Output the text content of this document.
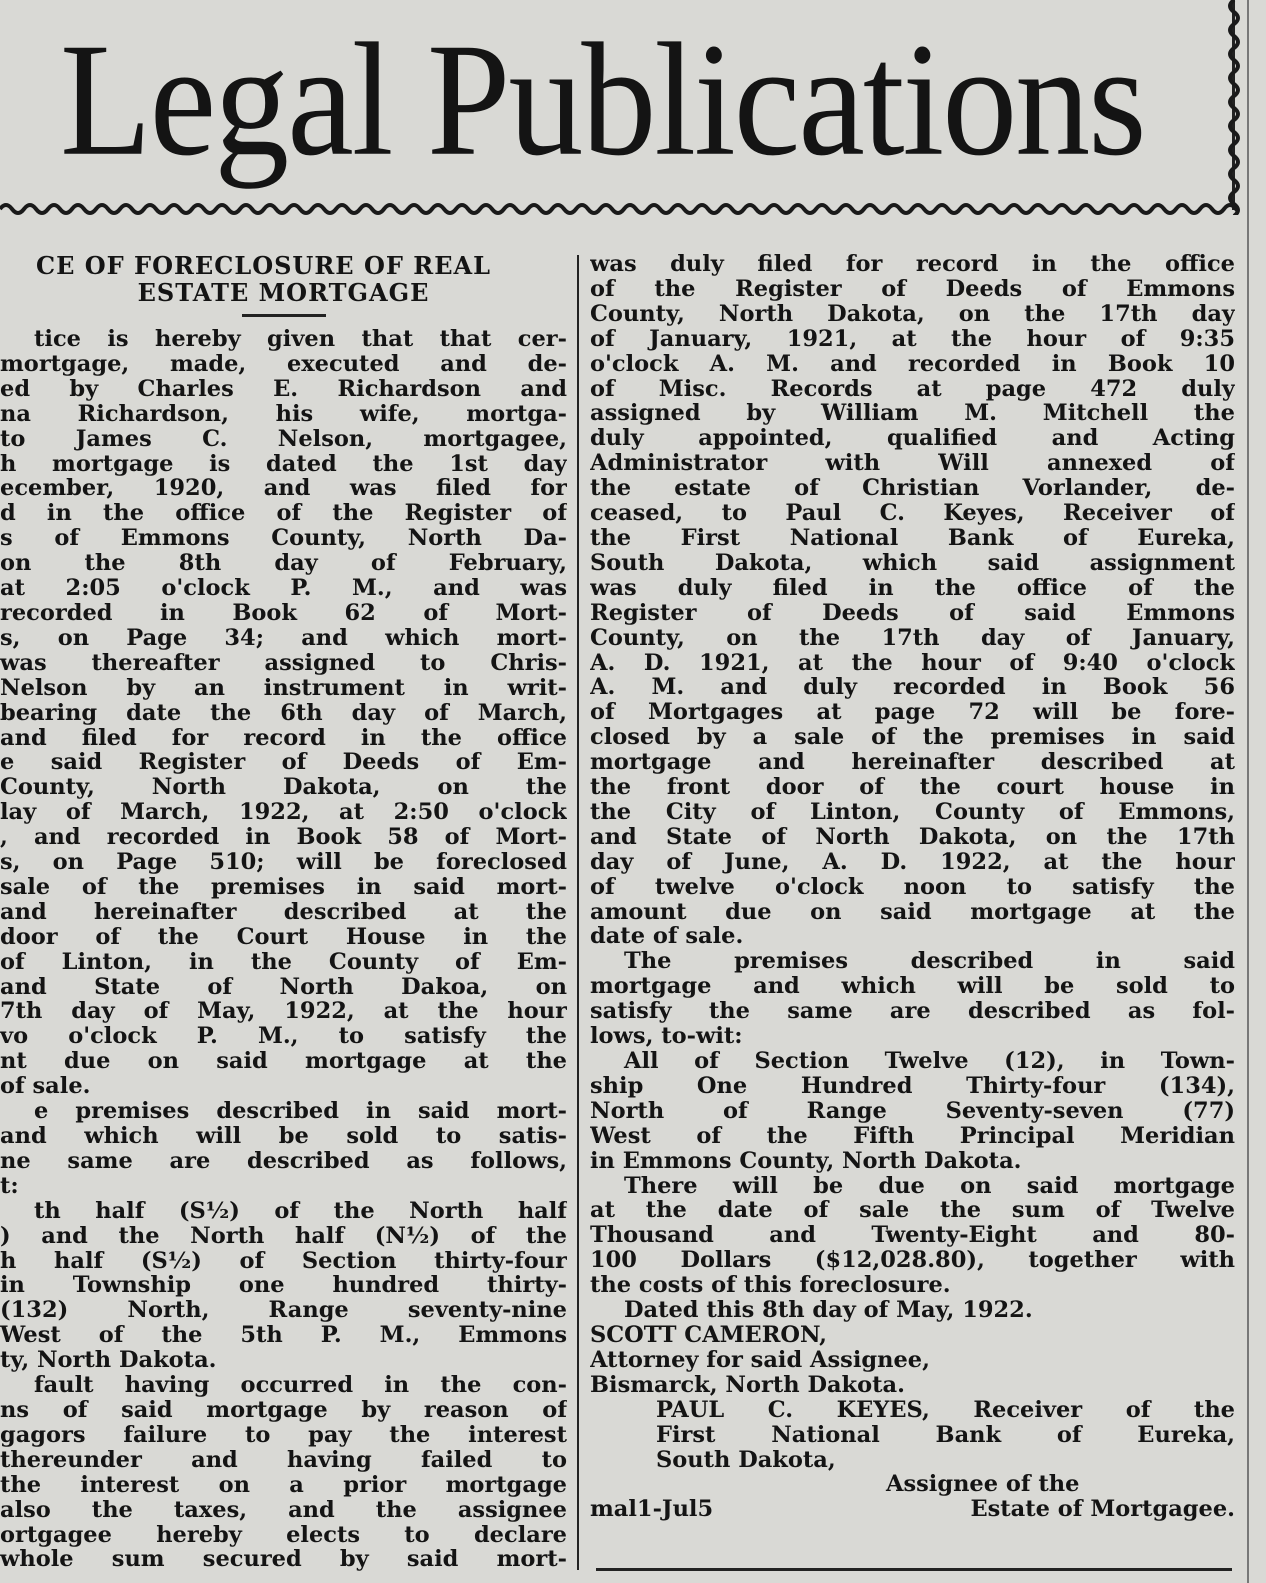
Legal Publications
CE OF FORECLOSURE OF REAL
ESTATE MORTGAGE
tice is hereby given that that cer-
mortgage, made, executed and de-
ed by Charles E. Richardson and
na Richardson, his wife, mortga-
to James C. Nelson, mortgagee,
h mortgage is dated the 1st day
ecember, 1920, and was filed for
d in the office of the Register of
s of Emmons County, North Da-
on the 8th day of February,
at 2:05 o'clock P. M., and was
recorded in Book 62 of Mort-
s, on Page 34; and which mort-
was thereafter assigned to Chris-
Nelson by an instrument in writ-
bearing date the 6th day of March,
and filed for record in the office
e said Register of Deeds of Em-
County, North Dakota, on the
lay of March, 1922, at 2:50 o'clock
, and recorded in Book 58 of Mort-
s, on Page 510; will be foreclosed
sale of the premises in said mort-
and hereinafter described at the
door of the Court House in the
of Linton, in the County of Em-
and State of North Dakoa, on
7th day of May, 1922, at the hour
vo o'clock P. M., to satisfy the
nt due on said mortgage at the
of sale.
e premises described in said mort-
and which will be sold to satis-
ne same are described as follows,
t:
th half (S½) of the North half
) and the North half (N½) of the
h half (S½) of Section thirty-four
in Township one hundred thirty-
(132) North, Range seventy-nine
West of the 5th P. M., Emmons
ty, North Dakota.
fault having occurred in the con-
ns of said mortgage by reason of
gagors failure to pay the interest
thereunder and having failed to
the interest on a prior mortgage
also the taxes, and the assignee
ortgagee hereby elects to declare
whole sum secured by said mort-
was duly filed for record in the office
of the Register of Deeds of Emmons
County, North Dakota, on the 17th day
of January, 1921, at the hour of 9:35
o'clock A. M. and recorded in Book 10
of Misc. Records at page 472 duly
assigned by William M. Mitchell the
duly appointed, qualified and Acting
Administrator with Will annexed of
the estate of Christian Vorlander, de-
ceased, to Paul C. Keyes, Receiver of
the First National Bank of Eureka,
South Dakota, which said assignment
was duly filed in the office of the
Register of Deeds of said Emmons
County, on the 17th day of January,
A. D. 1921, at the hour of 9:40 o'clock
A. M. and duly recorded in Book 56
of Mortgages at page 72 will be fore-
closed by a sale of the premises in said
mortgage and hereinafter described at
the front door of the court house in
the City of Linton, County of Emmons,
and State of North Dakota, on the 17th
day of June, A. D. 1922, at the hour
of twelve o'clock noon to satisfy the
amount due on said mortgage at the
date of sale.
The premises described in said
mortgage and which will be sold to
satisfy the same are described as fol-
lows, to-wit:
All of Section Twelve (12), in Town-
ship One Hundred Thirty-four (134),
North of Range Seventy-seven (77)
West of the Fifth Principal Meridian
in Emmons County, North Dakota.
There will be due on said mortgage
at the date of sale the sum of Twelve
Thousand and Twenty-Eight and 80-
100 Dollars ($12,028.80), together with
the costs of this foreclosure.
Dated this 8th day of May, 1922.
SCOTT CAMERON,
Attorney for said Assignee,
Bismarck, North Dakota.
PAUL C. KEYES, Receiver of the
First National Bank of Eureka,
South Dakota,
Assignee of the
mal1-Jul5	Estate of Mortgagee.
